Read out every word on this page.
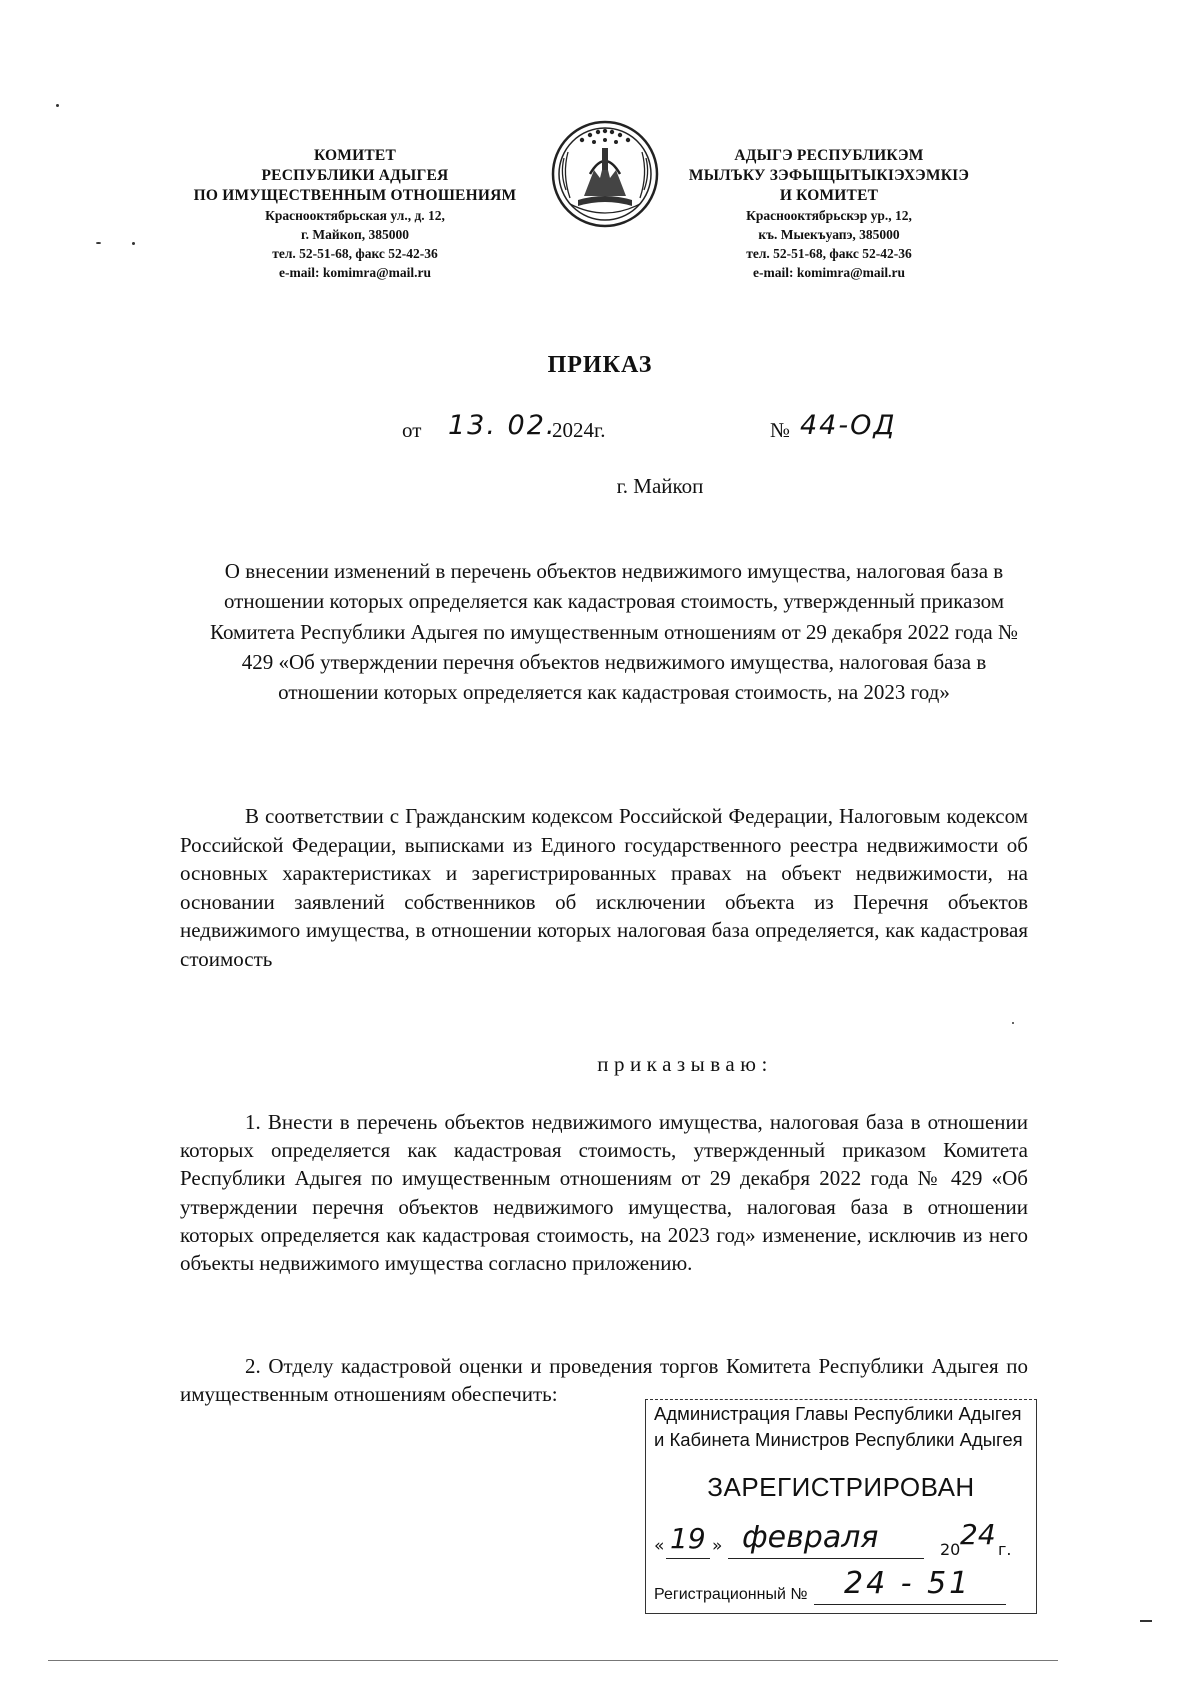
КОМИТЕТ
РЕСПУБЛИКИ АДЫГЕЯ
ПО ИМУЩЕСТВЕННЫМ ОТНОШЕНИЯМ
Краснооктябрьская ул., д. 12,
г. Майкоп, 385000
тел. 52-51-68, факс 52-42-36
e-mail: komimra@mail.ru
АДЫГЭ РЕСПУБЛИКЭМ
МЫЛЪКУ ЗЭФЫЩЫТЫКІЭХЭМКІЭ
И КОМИТЕТ
Краснооктябрьскэр ур., 12,
къ. Мыекъуапэ, 385000
тел. 52-51-68, факс 52-42-36
e-mail: komimra@mail.ru
ПРИКАЗ
от 13. 02.
2024г.	№ 44-ОД
г. Майкоп
О внесении изменений в перечень объектов недвижимого имущества, налоговая база в отношении которых определяется как кадастровая стоимость, утвержденный приказом Комитета Республики Адыгея по имущественным отношениям от 29 декабря 2022 года № 429 «Об утверждении перечня объектов недвижимого имущества, налоговая база в отношении которых определяется как кадастровая стоимость, на 2023 год»
В соответствии с Гражданским кодексом Российской Федерации, Налоговым кодексом Российской Федерации, выписками из Единого государственного реестра недвижимости об основных характеристиках и зарегистрированных правах на объект недвижимости, на основании заявлений собственников об исключении объекта из Перечня объектов недвижимого имущества, в отношении которых налоговая база определяется, как кадастровая стоимость
приказываю:
1. Внести в перечень объектов недвижимого имущества, налоговая база в отношении которых определяется как кадастровая стоимость, утвержденный приказом Комитета Республики Адыгея по имущественным отношениям от 29 декабря 2022 года № 429 «Об утверждении перечня объектов недвижимого имущества, налоговая база в отношении которых определяется как кадастровая стоимость, на 2023 год» изменение, исключив из него объекты недвижимого имущества согласно приложению.
2. Отделу кадастровой оценки и проведения торгов Комитета Республики Адыгея по имущественным отношениям обеспечить:
Администрация Главы Республики Адыгея
и Кабинета Министров Республики Адыгея
ЗАРЕГИСТРИРОВАН
« 19 » февраля	20 24 г.
Регистрационный № 24 - 51
